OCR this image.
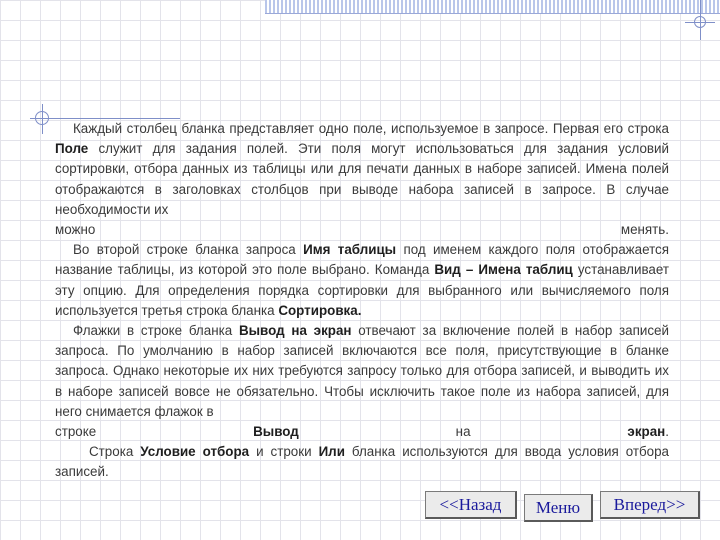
Каждый столбец бланка представляет одно поле, используемое в запросе. Первая его строка Поле служит для задания полей. Эти поля могут использоваться для задания условий сортировки, отбора данных из таблицы или для печати данных в наборе записей. Имена полей отображаются в заголовках столбцов при выводе набора записей в запросе. В случае необходимости их
можно	менять.

Во второй строке бланка запроса Имя таблицы под именем каждого поля отображается название таблицы, из которой это поле выбрано. Команда Вид – Имена таблиц устанавливает эту опцию. Для определения порядка сортировки для выбранного или вычисляемого поля используется третья строка бланка Сортировка.

Флажки в строке бланка Вывод на экран отвечают за включение полей в набор записей запроса. По умолчанию в набор записей включаются все поля, присутствующие в бланке запроса. Однако некоторые их них требуются запросу только для отбора записей, и выводить их в наборе записей вовсе не обязательно. Чтобы исключить такое поле из набора записей, для него снимается флажок в
строке	Вывод	на	экран.

Строка Условие отбора и строки Или бланка используются для ввода условия отбора записей.

<<Назад	Меню	Вперед>>
